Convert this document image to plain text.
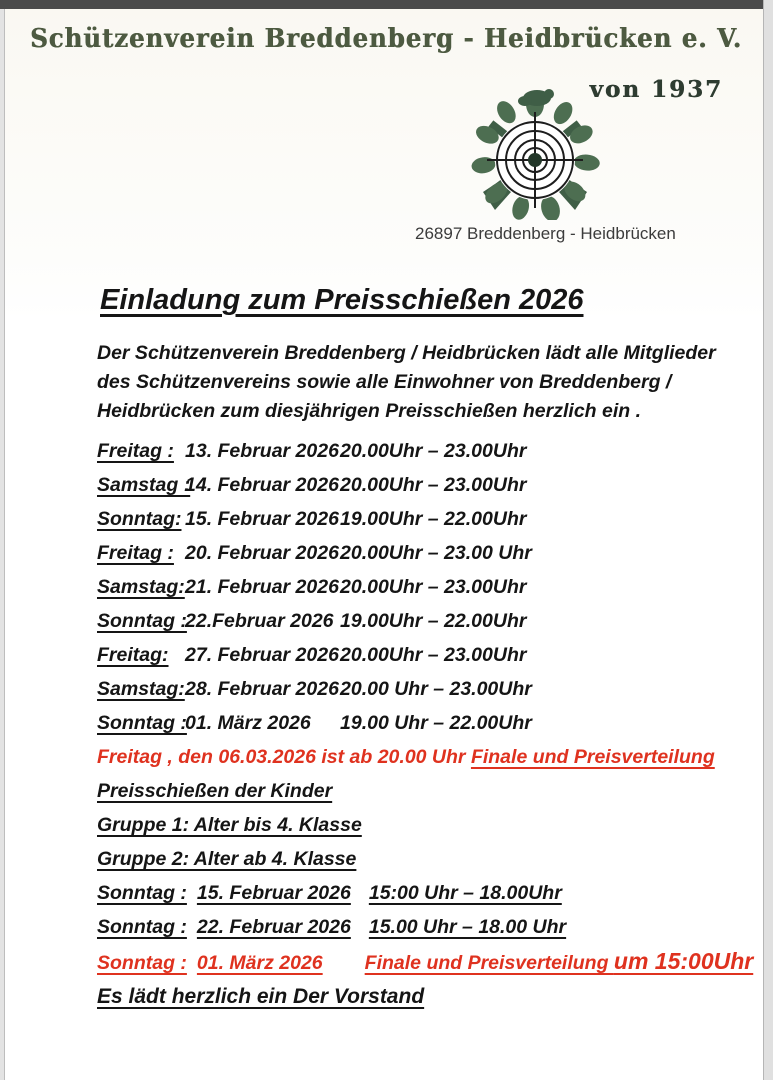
Schützenverein Breddenberg - Heidbrücken e. V.
von 1937
26897 Breddenberg - Heidbrücken
Einladung zum Preisschießen 2026
Der Schützenverein Breddenberg / Heidbrücken lädt alle Mitglieder
des Schützenvereins sowie alle Einwohner von Breddenberg /
Heidbrücken zum diesjährigen Preisschießen herzlich ein .
Freitag : 13. Februar 2026 20.00Uhr – 23.00Uhr
Samstag :
14. Februar 2026 20.00Uhr – 23.00Uhr
Sonntag: 15. Februar 2026 19.00Uhr – 22.00Uhr
Freitag : 20. Februar 2026 20.00Uhr – 23.00 Uhr
Samstag: 21. Februar 2026 20.00Uhr – 23.00Uhr
Sonntag :
22.Februar 2026 19.00Uhr – 22.00Uhr
Freitag: 27. Februar 2026 20.00Uhr – 23.00Uhr
Samstag: 28. Februar 2026 20.00 Uhr – 23.00Uhr
Sonntag :
01. März 2026	19.00 Uhr – 22.00Uhr
Freitag , den 06.03.2026 ist ab 20.00 Uhr Finale und Preisverteilung
Preisschießen der Kinder
Gruppe 1: Alter bis 4. Klasse
Gruppe 2: Alter ab 4. Klasse
Sonntag : 15. Februar 2026 15:00 Uhr – 18.00Uhr
Sonntag : 22. Februar 2026 15.00 Uhr – 18.00 Uhr
Sonntag : 01. März 2026 Finale und Preisverteilung um 15:00Uhr
Es lädt herzlich ein Der Vorstand
